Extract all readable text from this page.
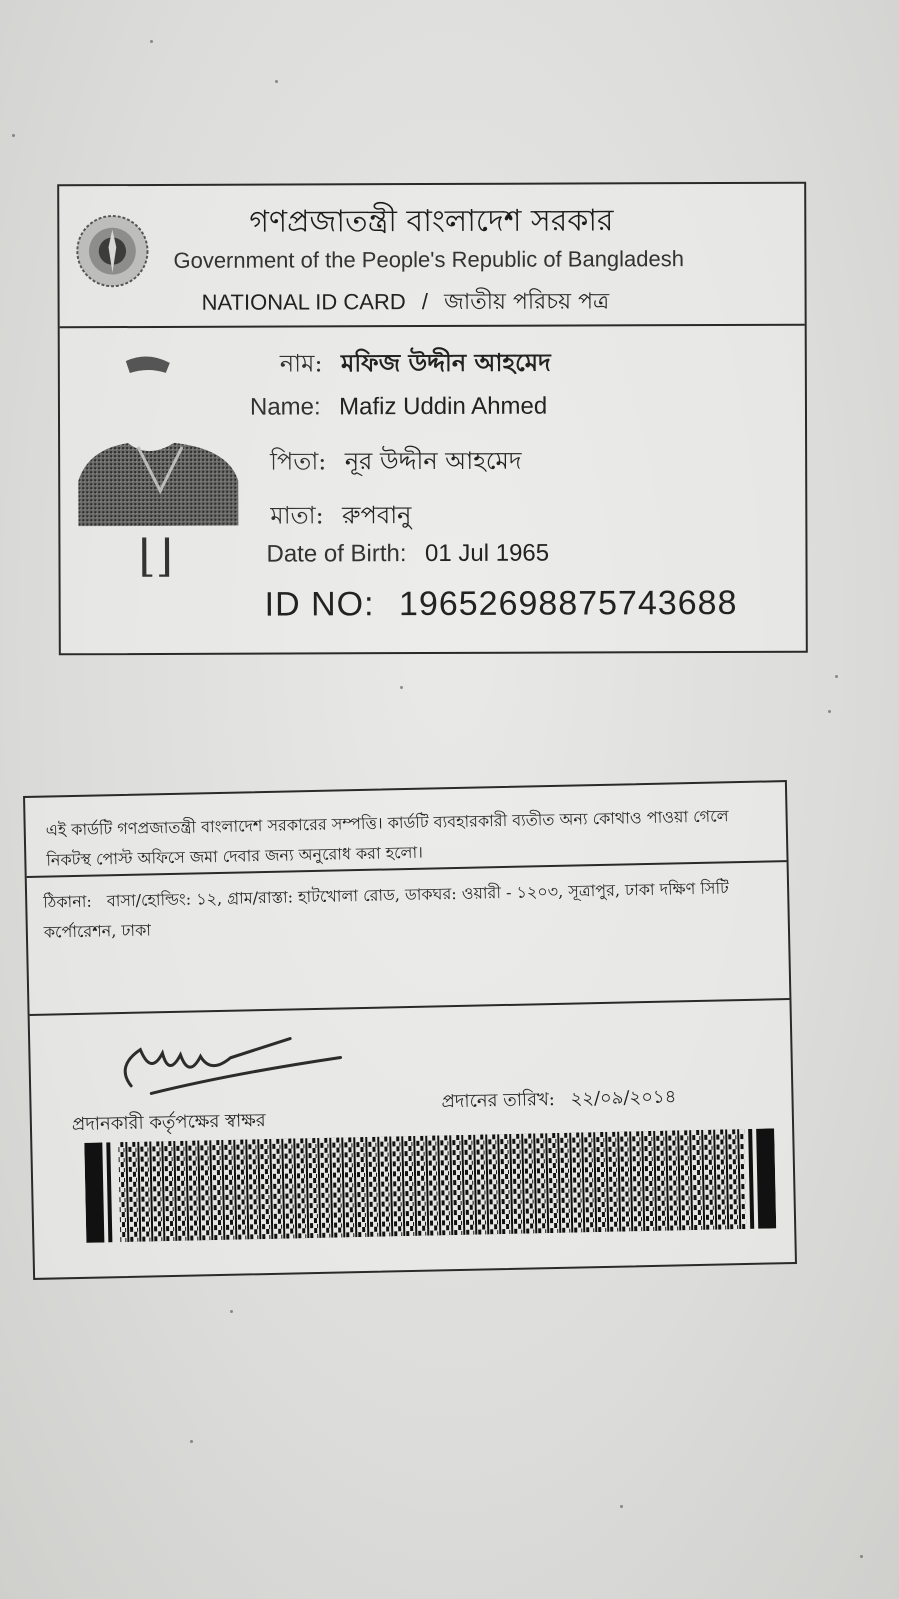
গণপ্রজাতন্ত্রী বাংলাদেশ সরকার
Government of the People's Republic of Bangladesh
NATIONAL ID CARD / জাতীয় পরিচয় পত্র
⌊⌋
নাম: মফিজ উদ্দীন আহমেদ
Name: Mafiz Uddin Ahmed
পিতা: নূর উদ্দীন আহমেদ
মাতা: রুপবানু
Date of Birth: 01 Jul 1965
ID NO: 19652698875743688
এই কার্ডটি গণপ্রজাতন্ত্রী বাংলাদেশ সরকারের সম্পত্তি। কার্ডটি ব্যবহারকারী ব্যতীত অন্য কোথাও পাওয়া গেলে নিকটস্থ পোস্ট অফিসে জমা দেবার জন্য অনুরোধ করা হলো।
ঠিকানা: বাসা/হোল্ডিং: ১২, গ্রাম/রাস্তা: হাটখোলা রোড, ডাকঘর: ওয়ারী - ১২০৩, সূত্রাপুর, ঢাকা দক্ষিণ সিটি কর্পোরেশন, ঢাকা
প্রদানকারী কর্তৃপক্ষের স্বাক্ষর
প্রদানের তারিখ: ২২/০৯/২০১৪
